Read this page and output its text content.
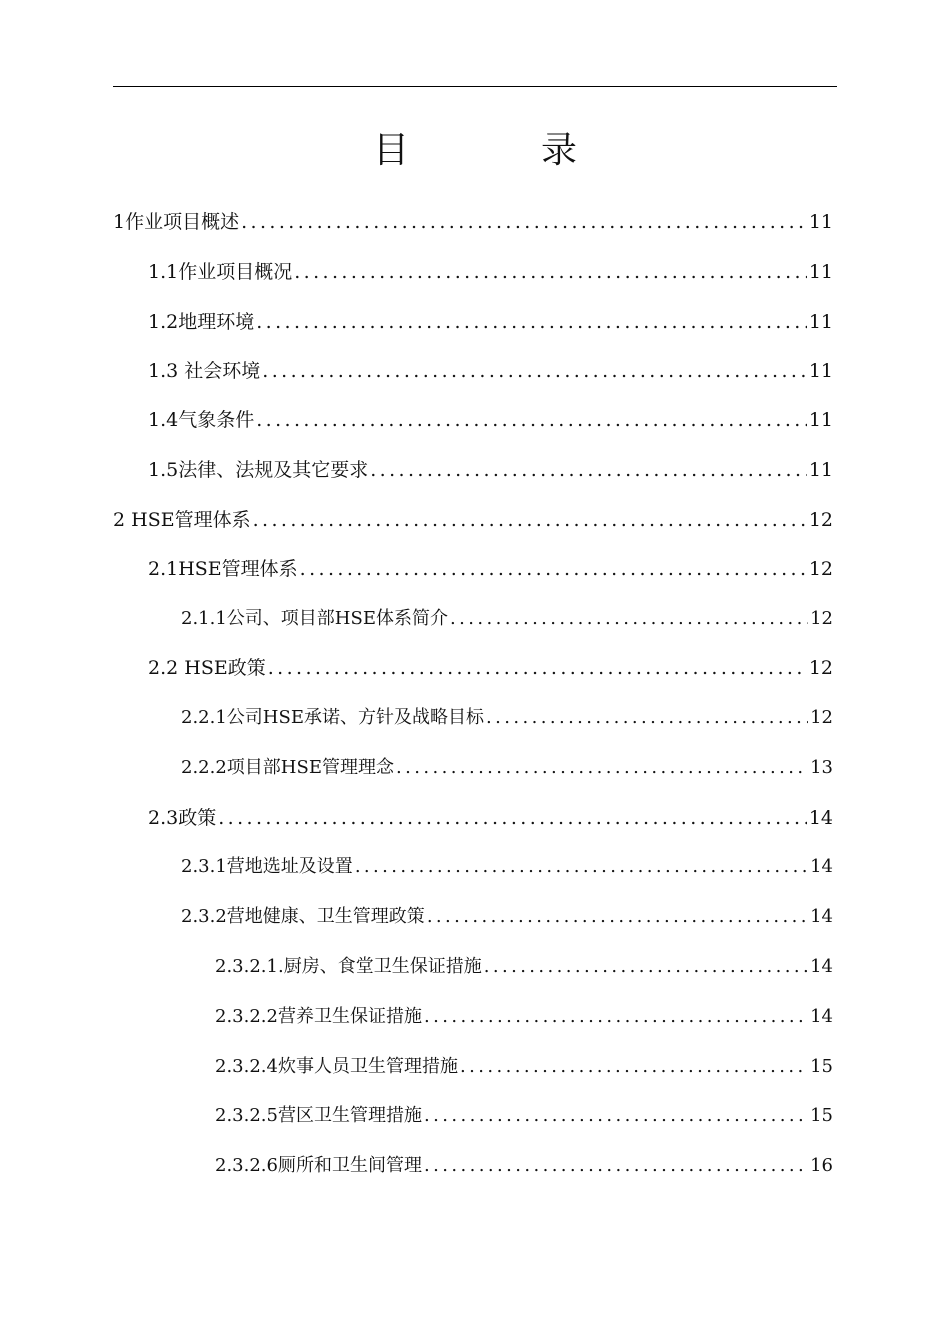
目　录
1作业项目概述 .....	11
1.1作业项目概况 .....	11
1.2地理环境 .....	11
1.3 社会环境 .....	11
1.4气象条件 .....	11
1.5法律、法规及其它要求 .....	11
2 HSE管理体系 .....	12
2.1HSE管理体系 .....	12
2.1.1公司、项目部HSE体系简介 .....	12
2.2 HSE政策 .....	12
2.2.1公司HSE承诺、方针及战略目标 .....	12
2.2.2项目部HSE管理理念 .....	13
2.3政策 .....	14
2.3.1营地选址及设置 .....	14
2.3.2营地健康、卫生管理政策 .....	14
2.3.2.1.厨房、食堂卫生保证措施 .....	14
2.3.2.2营养卫生保证措施 .....	14
2.3.2.4炊事人员卫生管理措施 .....	15
2.3.2.5营区卫生管理措施 .....	15
2.3.2.6厕所和卫生间管理 .....	16
